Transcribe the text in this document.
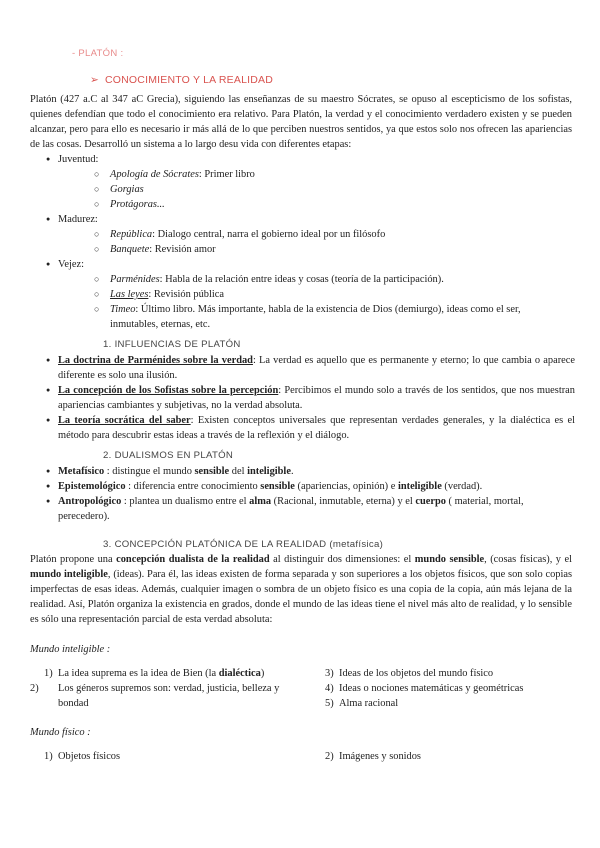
- PLATÓN :
➢ CONOCIMIENTO Y LA REALIDAD
Platón (427 a.C al 347 aC Grecia), siguiendo las enseñanzas de su maestro Sócrates, se opuso al escepticismo de los sofistas, quienes defendían que todo el conocimiento era relativo. Para Platón, la verdad y el conocimiento verdadero existen y se pueden alcanzar, pero para ello es necesario ir más allá de lo que perciben nuestros sentidos, ya que estos solo nos ofrecen las apariencias de las cosas. Desarrolló un sistema a lo largo desu vida con diferentes etapas:
● Juventud:
○ Apología de Sócrates: Primer libro
○ Gorgias
○ Protágoras...
● Madurez:
○ República: Dialogo central, narra el gobierno ideal por un filósofo
○ Banquete: Revisión amor
● Vejez:
○ Parménides: Habla de la relación entre ideas y cosas (teoría de la participación).
○ Las leyes: Revisión pública
○ Timeo: Último libro. Más importante, habla de la existencia de Dios (demiurgo), ideas como el ser, inmutables, eternas, etc.
1. INFLUENCIAS DE PLATÓN
● La doctrina de Parménides sobre la verdad: La verdad es aquello que es permanente y eterno; lo que cambia o aparece diferente es solo una ilusión.
● La concepción de los Sofistas sobre la percepción: Percibimos el mundo solo a través de los sentidos, que nos muestran apariencias cambiantes y subjetivas, no la verdad absoluta.
● La teoría socrática del saber: Existen conceptos universales que representan verdades generales, y la dialéctica es el método para descubrir estas ideas a través de la reflexión y el diálogo.
2. DUALISMOS EN PLATÓN
● Metafísico : distingue el mundo sensible del inteligible.
● Epistemológico : diferencia entre conocimiento sensible (apariencias, opinión) e inteligible (verdad).
● Antropológico : plantea un dualismo entre el alma (Racional, inmutable, eterna) y el cuerpo ( material, mortal, perecedero).
3. CONCEPCIÓN PLATÓNICA DE LA REALIDAD (metafísica)
Platón propone una concepción dualista de la realidad al distinguir dos dimensiones: el mundo sensible, (cosas físicas), y el mundo inteligible, (ideas). Para él, las ideas existen de forma separada y son superiores a los objetos físicos, que son solo copias imperfectas de esas ideas. Además, cualquier imagen o sombra de un objeto físico es una copia de la copia, aún más lejana de la realidad. Así, Platón organiza la existencia en grados, donde el mundo de las ideas tiene el nivel más alto de realidad, y lo sensible es sólo una representación parcial de esta verdad absoluta:
Mundo inteligible :
1) La idea suprema es la idea de Bien (la dialéctica)
2) Los géneros supremos son: verdad, justicia, belleza y bondad
3) Ideas de los objetos del mundo físico
4) Ideas o nociones matemáticas y geométricas
5) Alma racional
Mundo físico :
1) Objetos físicos	2) Imágenes y sonidos
